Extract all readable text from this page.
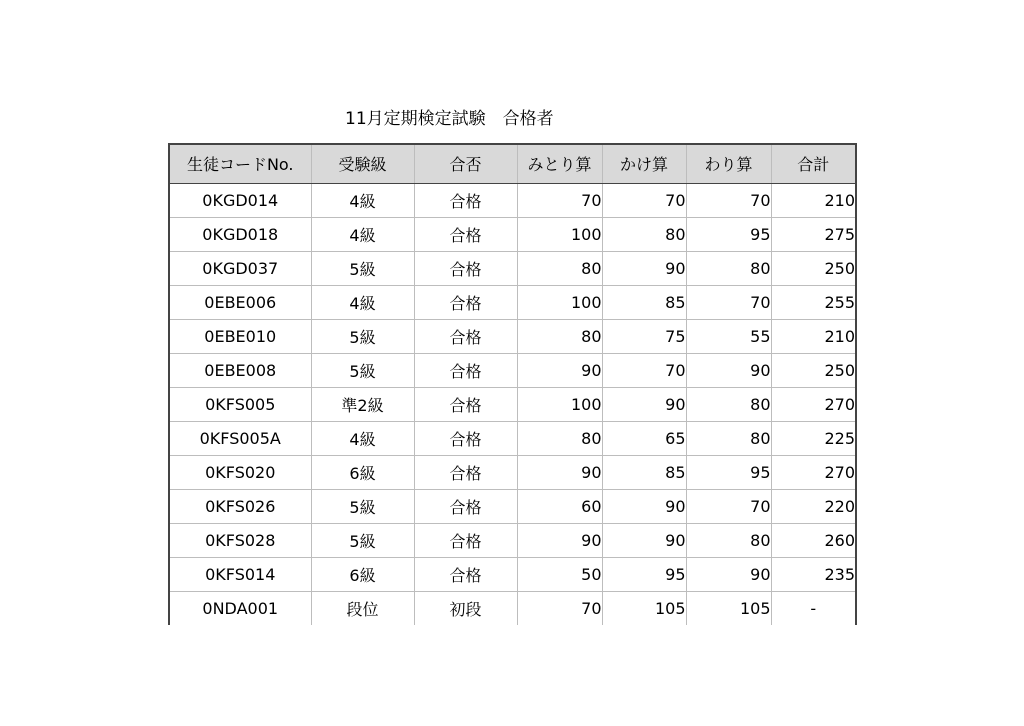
11月定期検定試験　合格者
生徒コードNo.	受験級	合否	みとり算	かけ算	わり算	合計
0KGD014	4級	合格	70	70	70	210
0KGD018	4級	合格	100	80	95	275
0KGD037	5級	合格	80	90	80	250
0EBE006	4級	合格	100	85	70	255
0EBE010	5級	合格	80	75	55	210
0EBE008	5級	合格	90	70	90	250
0KFS005	準2級	合格	100	90	80	270
0KFS005A	4級	合格	80	65	80	225
0KFS020	6級	合格	90	85	95	270
0KFS026	5級	合格	60	90	70	220
0KFS028	5級	合格	90	90	80	260
0KFS014	6級	合格	50	95	90	235
0NDA001	段位	初段	70	105	105	-
